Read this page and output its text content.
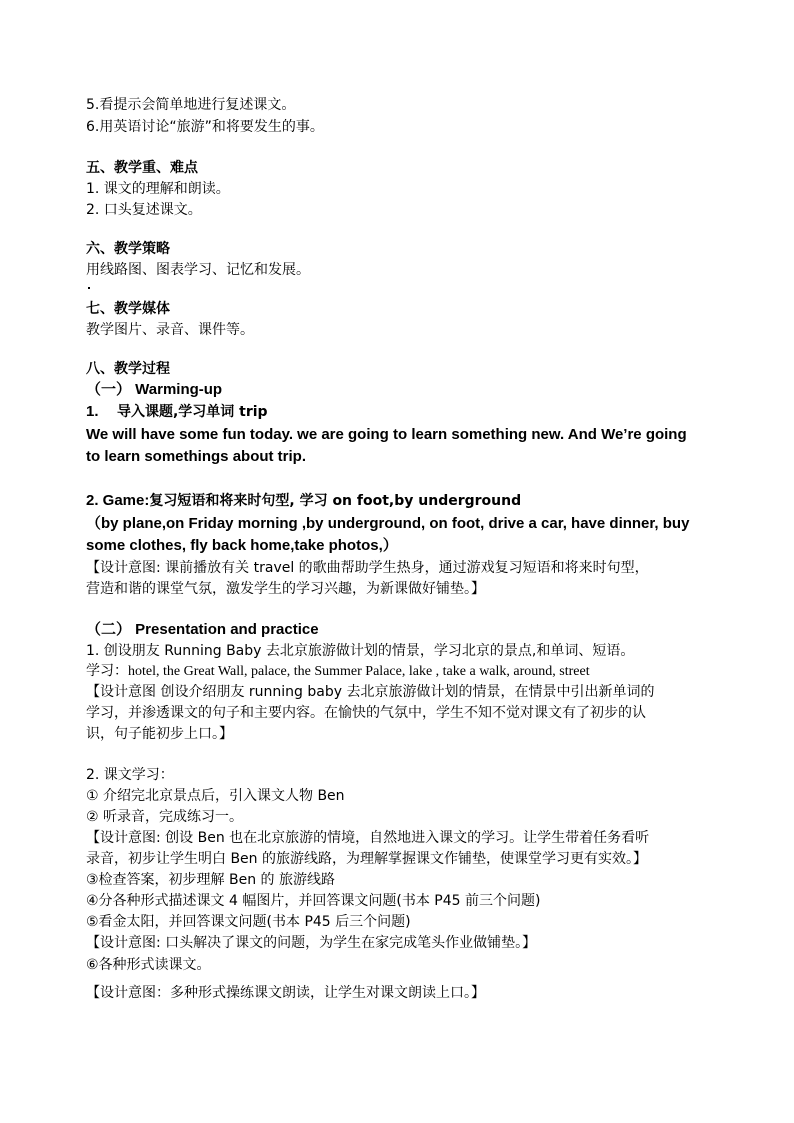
5.看提示会简单地进行复述课文。
6.用英语讨论“旅游”和将要发生的事。
五、教学重、难点
1. 课文的理解和朗读。
2. 口头复述课文。
六、教学策略
用线路图、图表学习、记忆和发展。
七、教学媒体
教学图片、录音、课件等。
八、教学过程
（一） Warming-up
1. 导入课题,学习单词 trip
We will have some fun today. we are going to learn something new. And We’re going
to learn somethings about trip.
2. Game:复习短语和将来时句型, 学习 on foot,by underground
（by plane,on Friday morning ,by underground, on foot, drive a car, have dinner, buy
some clothes, fly back home,take photos,）
【设计意图: 课前播放有关 travel 的歌曲帮助学生热身，通过游戏复习短语和将来时句型，
营造和谐的课堂气氛，激发学生的学习兴趣，为新课做好铺垫。】
（二） Presentation and practice
1. 创设朋友 Running Baby 去北京旅游做计划的情景，学习北京的景点,和单词、短语。
学习：hotel, the Great Wall, palace, the Summer Palace, lake , take a walk, around, street
【设计意图 创设介绍朋友 running baby 去北京旅游做计划的情景，在情景中引出新单词的
学习，并渗透课文的句子和主要内容。在愉快的气氛中，学生不知不觉对课文有了初步的认
识，句子能初步上口。】
2. 课文学习：
① 介绍完北京景点后，引入课文人物 Ben
② 听录音，完成练习一。
【设计意图: 创设 Ben 也在北京旅游的情境，自然地进入课文的学习。让学生带着任务看听
录音，初步让学生明白 Ben 的旅游线路，为理解掌握课文作铺垫，使课堂学习更有实效。】
③检查答案，初步理解 Ben 的 旅游线路
④分各种形式描述课文 4 幅图片，并回答课文问题(书本 P45 前三个问题)
⑤看金太阳，并回答课文问题(书本 P45 后三个问题)
【设计意图: 口头解决了课文的问题，为学生在家完成笔头作业做铺垫。】
⑥各种形式读课文。
【设计意图：多种形式操练课文朗读，让学生对课文朗读上口。】
